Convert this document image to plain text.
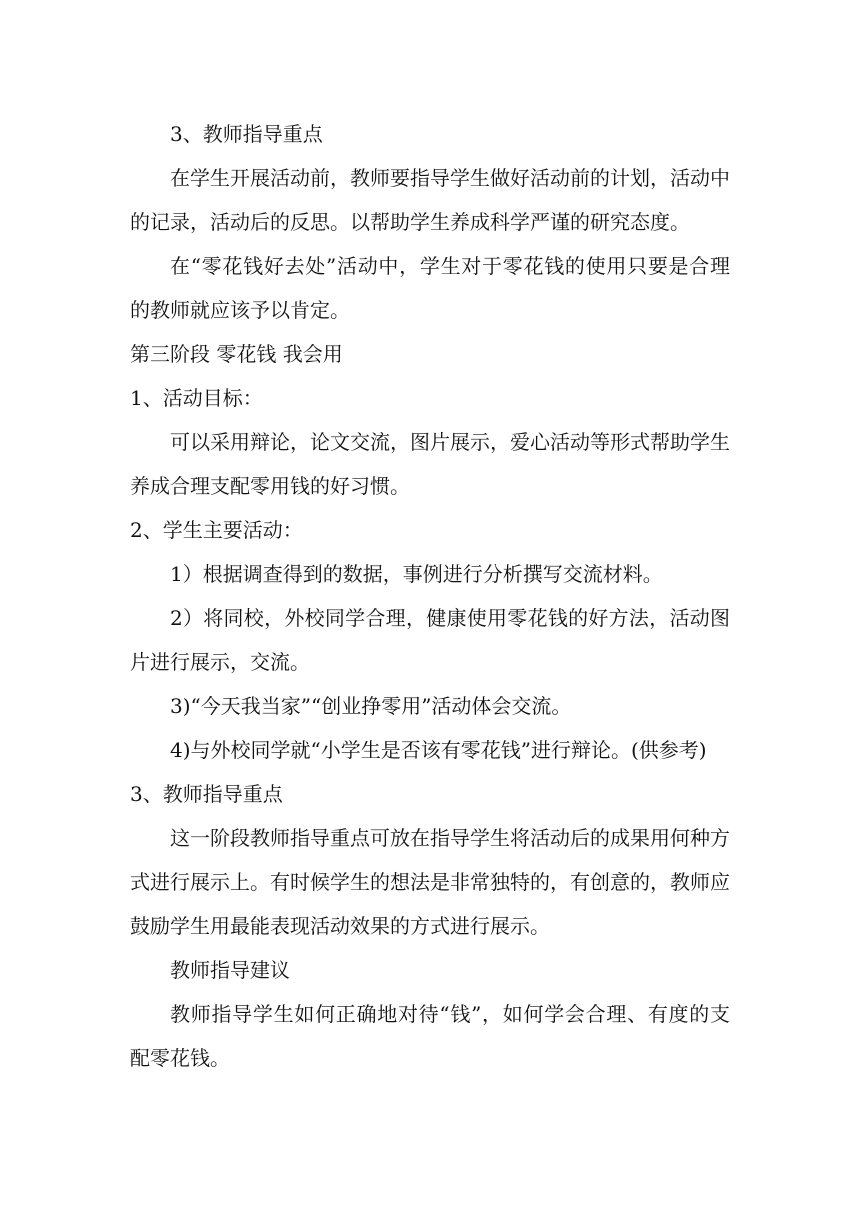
3、教师指导重点

在学生开展活动前，教师要指导学生做好活动前的计划，活动中的记录，活动后的反思。以帮助学生养成科学严谨的研究态度。

在“零花钱好去处”活动中，学生对于零花钱的使用只要是合理的教师就应该予以肯定。

第三阶段 零花钱 我会用

1、活动目标：

可以采用辩论，论文交流，图片展示，爱心活动等形式帮助学生养成合理支配零用钱的好习惯。

2、学生主要活动：

1）根据调查得到的数据，事例进行分析撰写交流材料。

2）将同校，外校同学合理，健康使用零花钱的好方法，活动图片进行展示，交流。

3)“今天我当家”“创业挣零用”活动体会交流。

4)与外校同学就“小学生是否该有零花钱”进行辩论。(供参考)

3、教师指导重点

这一阶段教师指导重点可放在指导学生将活动后的成果用何种方式进行展示上。有时候学生的想法是非常独特的，有创意的，教师应鼓励学生用最能表现活动效果的方式进行展示。

教师指导建议

教师指导学生如何正确地对待“钱”，如何学会合理、有度的支配零花钱。
